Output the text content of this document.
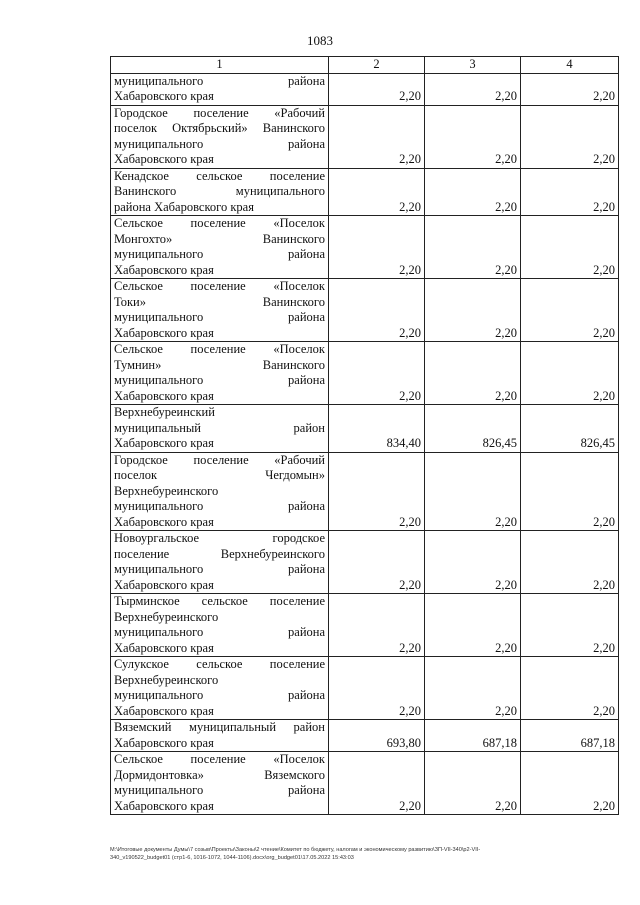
1083
1	2	3	4

муниципального района
Хабаровского края	2,20	2,20	2,20

Городское поселение «Рабочий
поселок Октябрьский» Ванинского
муниципального района
Хабаровского края	2,20	2,20	2,20

Кенадское сельское поселение
Ванинского муниципального
района Хабаровского края	2,20	2,20	2,20

Сельское поселение «Поселок
Монгохто» Ванинского
муниципального района
Хабаровского края	2,20	2,20	2,20

Сельское поселение «Поселок
Токи» Ванинского
муниципального района
Хабаровского края	2,20	2,20	2,20

Сельское поселение «Поселок
Тумнин» Ванинского
муниципального района
Хабаровского края	2,20	2,20	2,20

Верхнебуреинский
муниципальный район
Хабаровского края	834,40	826,45	826,45

Городское поселение «Рабочий
поселок Чегдомын»
Верхнебуреинского
муниципального района
Хабаровского края	2,20	2,20	2,20

Новоургальское городское
поселение Верхнебуреинского
муниципального района
Хабаровского края	2,20	2,20	2,20

Тырминское сельское поселение
Верхнебуреинского
муниципального района
Хабаровского края	2,20	2,20	2,20

Сулукское сельское поселение
Верхнебуреинского
муниципального района
Хабаровского края	2,20	2,20	2,20

Вяземский муниципальный район
Хабаровского края	693,80	687,18	687,18

Сельское поселение «Поселок
Дормидонтовка» Вяземского
муниципального района
Хабаровского края	2,20	2,20	2,20
M:\Итоговые документы Думы\7 созыв\Проекты\Законы\2 чтение\Комитет по бюджету, налогам и экономическому развитию\ЗП-VII-340\p2-VII-
340_v190522_budget01 (стр1-6, 1016-1072, 1044-1106).docx\org_budget01\17.05.2022 15:43:03
